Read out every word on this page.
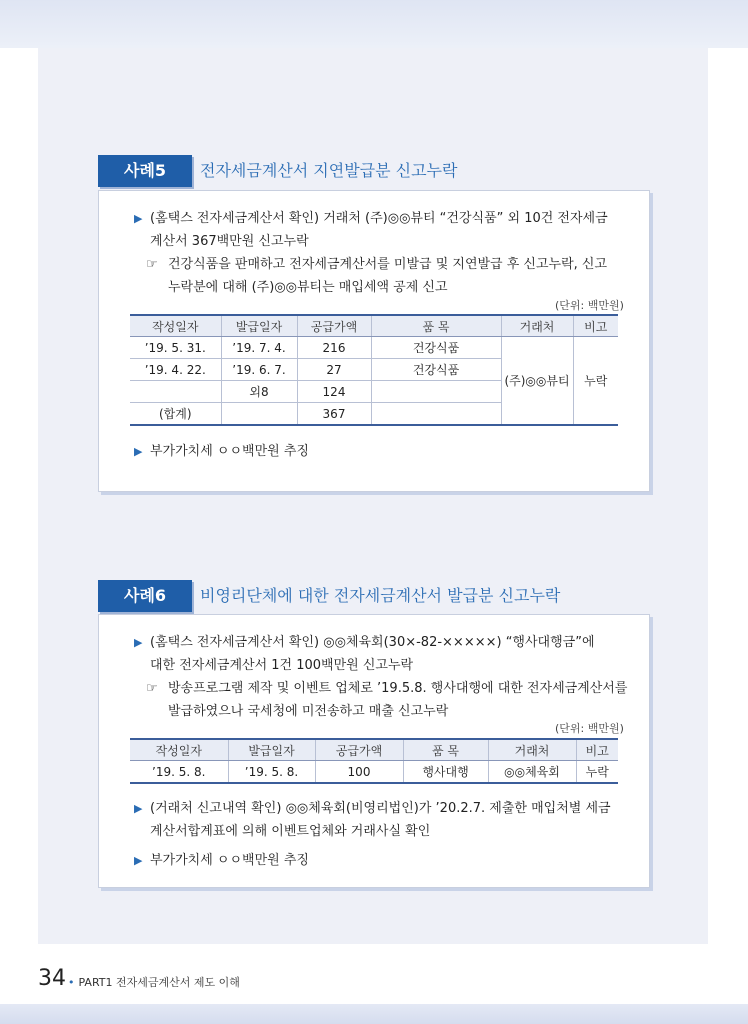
사례5	전자세금계산서 지연발급분 신고누락
▶ (홈택스 전자세금계산서 확인) 거래처 (주)◎◎뷰티 “건강식품” 외 10건 전자세금
계산서 367백만원 신고누락
☞ 건강식품을 판매하고 전자세금계산서를 미발급 및 지연발급 후 신고누락, 신고
누락분에 대해 (주)◎◎뷰티는 매입세액 공제 신고
(단위: 백만원)
작성일자	발급일자	공급가액	품 목	거래처	비고
’19. 5. 31.	’19. 7. 4.	216	건강식품	(주)◎◎뷰티	누락
’19. 4. 22.	’19. 6. 7.	27	건강식품		
	외8	124			
(합계)		367			
▶ 부가가치세 ㅇㅇ백만원 추징
사례6	비영리단체에 대한 전자세금계산서 발급분 신고누락
▶ (홈택스 전자세금계산서 확인) ◎◎체육회(30×-82-×××××) “행사대행금”에
대한 전자세금계산서 1건 100백만원 신고누락
☞ 방송프로그램 제작 및 이벤트 업체로 ’19.5.8. 행사대행에 대한 전자세금계산서를
발급하였으나 국세청에 미전송하고 매출 신고누락
(단위: 백만원)
작성일자	발급일자	공급가액	품 목	거래처	비고
’19. 5. 8.	’19. 5. 8.	100	행사대행	◎◎체육회	누락
▶ (거래처 신고내역 확인) ◎◎체육회(비영리법인)가 ’20.2.7. 제출한 매입처별 세금
계산서합계표에 의해 이벤트업체와 거래사실 확인
▶ 부가가치세 ㅇㅇ백만원 추징
34 • PART1 전자세금계산서 제도 이해
